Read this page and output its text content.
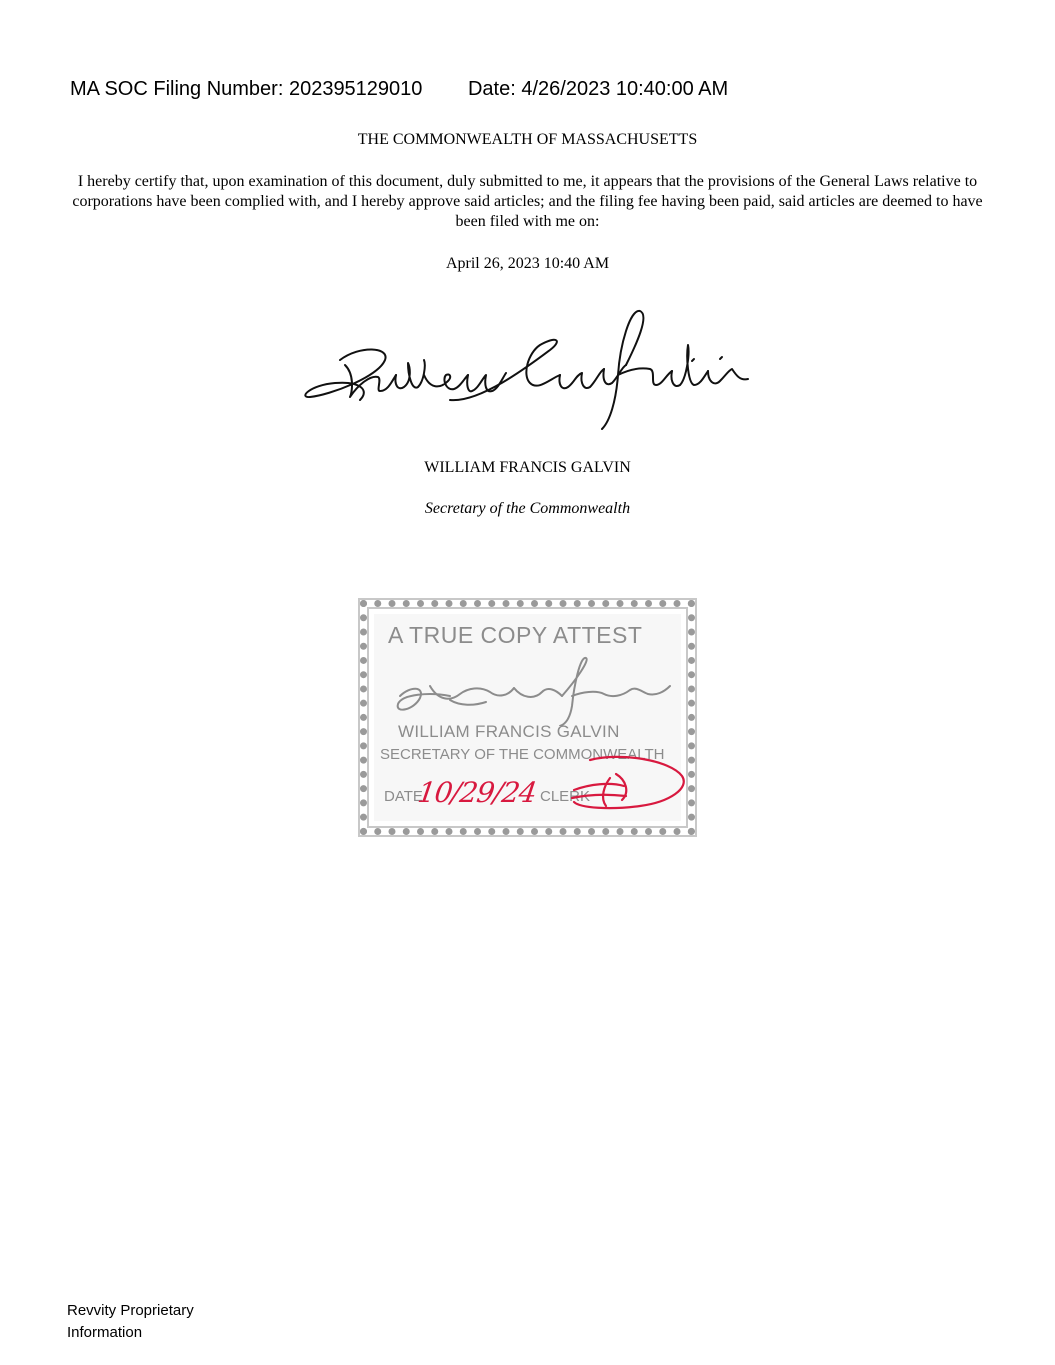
MA SOC Filing Number: 202395129010 Date: 4/26/2023 10:40:00 AM
THE COMMONWEALTH OF MASSACHUSETTS
I hereby certify that, upon examination of this document, duly submitted to me, it appears that the provisions of the General Laws relative to corporations have been complied with, and I hereby approve said articles; and the filing fee having been paid, said articles are deemed to have been filed with me on:
April 26, 2023 10:40 AM
WILLIAM FRANCIS GALVIN
Secretary of the Commonwealth
A TRUE COPY ATTEST
WILLIAM FRANCIS GALVIN
SECRETARY OF THE COMMONWEALTH
DATE	CLERK
10/29/24
Revvity Proprietary
Information
